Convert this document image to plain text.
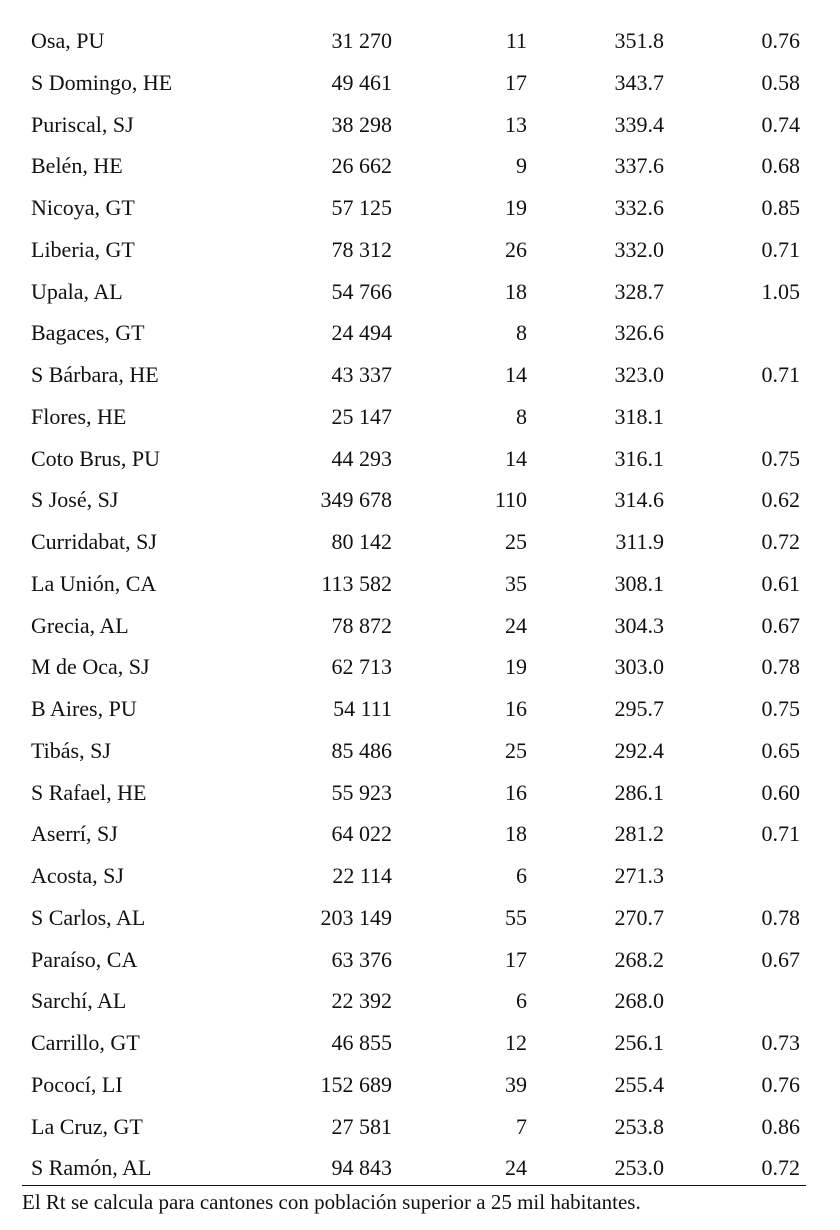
Osa, PU	31 270	11	351.8	0.76
S Domingo, HE	49 461	17	343.7	0.58
Puriscal, SJ	38 298	13	339.4	0.74
Belén, HE	26 662	9	337.6	0.68
Nicoya, GT	57 125	19	332.6	0.85
Liberia, GT	78 312	26	332.0	0.71
Upala, AL	54 766	18	328.7	1.05
Bagaces, GT	24 494	8	326.6
S Bárbara, HE	43 337	14	323.0	0.71
Flores, HE	25 147	8	318.1
Coto Brus, PU	44 293	14	316.1	0.75
S José, SJ	349 678	110	314.6	0.62
Curridabat, SJ	80 142	25	311.9	0.72
La Unión, CA	113 582	35	308.1	0.61
Grecia, AL	78 872	24	304.3	0.67
M de Oca, SJ	62 713	19	303.0	0.78
B Aires, PU	54 111	16	295.7	0.75
Tibás, SJ	85 486	25	292.4	0.65
S Rafael, HE	55 923	16	286.1	0.60
Aserrí, SJ	64 022	18	281.2	0.71
Acosta, SJ	22 114	6	271.3
S Carlos, AL	203 149	55	270.7	0.78
Paraíso, CA	63 376	17	268.2	0.67
Sarchí, AL	22 392	6	268.0
Carrillo, GT	46 855	12	256.1	0.73
Pococí, LI	152 689	39	255.4	0.76
La Cruz, GT	27 581	7	253.8	0.86
S Ramón, AL	94 843	24	253.0	0.72
El Rt se calcula para cantones con población superior a 25 mil habitantes.
